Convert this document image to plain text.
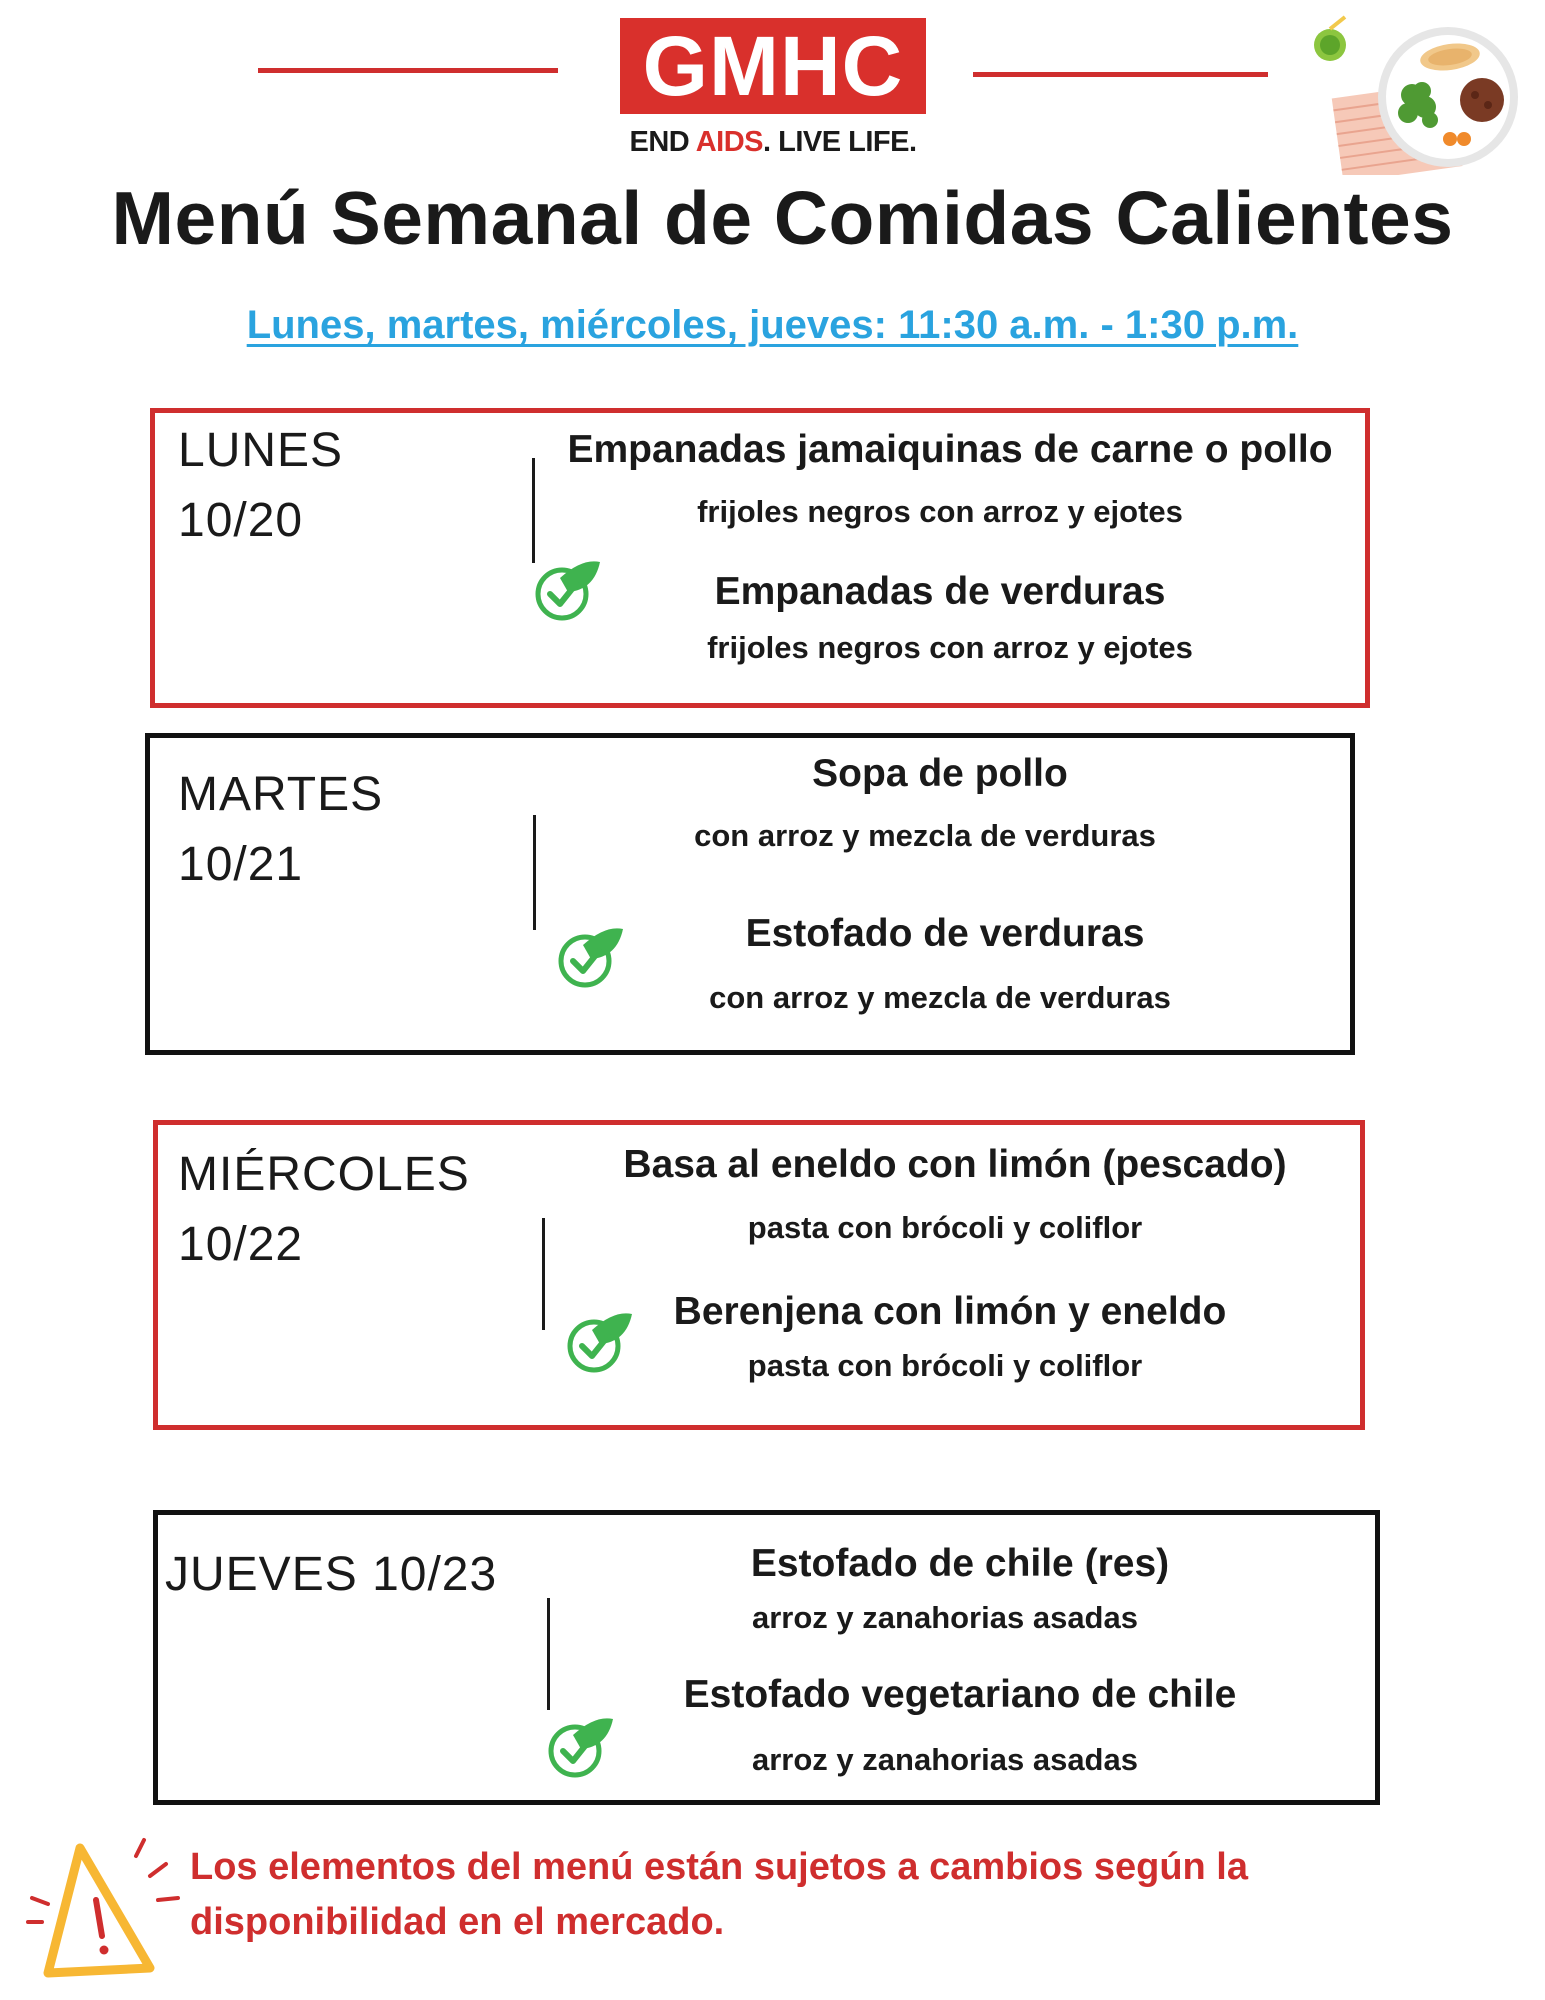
GMHC
END AIDS. LIVE LIFE.
Menú Semanal de Comidas Calientes
Lunes, martes, miércoles, jueves: 11:30 a.m. - 1:30 p.m.
LUNES
10/20
Empanadas jamaiquinas de carne o pollo
frijoles negros con arroz y ejotes
Empanadas de verduras
frijoles negros con arroz y ejotes
MARTES
10/21
Sopa de pollo
con arroz y mezcla de verduras
Estofado de verduras
con arroz y mezcla de verduras
MIÉRCOLES
10/22
Basa al eneldo con limón (pescado)
pasta con brócoli y coliflor
Berenjena con limón y eneldo
pasta con brócoli y coliflor
JUEVES 10/23	Estofado de chile (res)
arroz y zanahorias asadas
Estofado vegetariano de chile
arroz y zanahorias asadas
Los elementos del menú están sujetos a cambios según la disponibilidad en el mercado.
